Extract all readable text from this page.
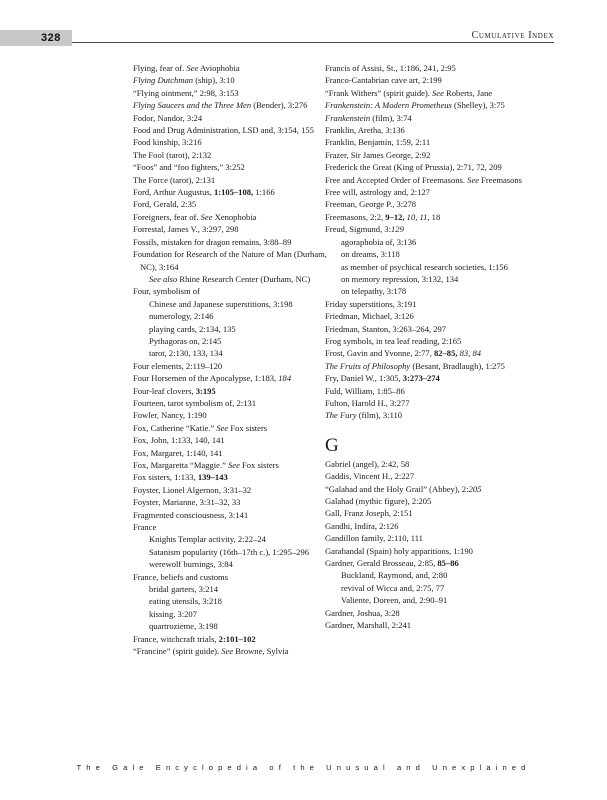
328	Cumulative Index

Flying, fear of. See Aviophobia

Flying Dutchman (ship), 3:10

“Flying ointment,” 2:98, 3:153

Flying Saucers and the Three Men (Bender), 3:276

Fodor, Nandor, 3:24

Food and Drug Administration, LSD and, 3:154, 155

Food kinship, 3:216

The Fool (tarot), 2:132

“Foos” and “foo fighters,” 3:252

The Force (tarot), 2:131

Ford, Arthur Augustus, 1:105–108, 1:166

Ford, Gerald, 2:35

Foreigners, fear of. See Xenophobia

Forrestal, James V., 3:297, 298

Fossils, mistaken for dragon remains, 3:88–89

Foundation for Research of the Nature of Man (Durham, NC), 3:164

See also Rhine Research Center (Durham, NC)

Four, symbolism of

Chinese and Japanese superstitions, 3:198

numerology, 2:146

playing cards, 2:134, 135

Pythagoras on, 2:145

tarot, 2:130, 133, 134

Four elements, 2:119–120

Four Horsemen of the Apocalypse, 1:183, 184

Four-leaf clovers, 3:195

Fourteen, tarot symbolism of, 2:131

Fowler, Nancy, 1:190

Fox, Catherine “Katie.” See Fox sisters

Fox, John, 1:133, 140, 141

Fox, Margaret, 1:140, 141

Fox, Margaretta “Maggie.” See Fox sisters

Fox sisters, 1:133, 139–143

Foyster, Lionel Algernon, 3:31–32

Foyster, Marianne, 3:31–32, 33

Fragmented consciousness, 3:141

France

Knights Templar activity, 2:22–24

Satanism popularity (16th–17th c.), 1:295–296

werewolf burnings, 3:84

France, beliefs and customs

bridal garters, 3:214

eating utensils, 3:218

kissing, 3:207

quartrozieme, 3:198

France, witchcraft trials, 2:101–102

“Francine” (spirit guide). See Browne, Sylvia

Francis of Assisi, St., 1:186, 241, 2:95

Franco-Cantabrian cave art, 2:199

“Frank Withers” (spirit guide). See Roberts, Jane

Frankenstein: A Modern Prometheus (Shelley), 3:75

Frankenstein (film), 3:74

Franklin, Aretha, 3:136

Franklin, Benjamin, 1:59, 2:11

Frazer, Sir James George, 2:92

Frederick the Great (King of Prussia), 2:71, 72, 209

Free and Accepted Order of Freemasons. See Freemasons

Free will, astrology and, 2:127

Freeman, George P., 3:278

Freemasons, 2:2, 9–12, 10, 11, 18

Freud, Sigmund, 3:129

agoraphobia of, 3:136

on dreams, 3:118

as member of psychical research societies, 1:156

on memory repression, 3:132, 134

on telepathy, 3:178

Friday superstitions, 3:191

Friedman, Michael, 3:126

Friedman, Stanton, 3:263–264, 297

Frog symbols, in tea leaf reading, 2:165

Frost, Gavin and Yvonne, 2:77, 82–85, 83, 84

The Fruits of Philosophy (Besant, Bradlaugh), 1:275

Fry, Daniel W., 1:305, 3:273–274

Fuld, William, 1:85–86

Fulton, Harold H., 3:277

The Fury (film), 3:110

G

Gabriel (angel), 2:42, 58

Gaddis, Vincent H., 2:227

“Galahad and the Holy Grail” (Abbey), 2:205

Galahad (mythic figure), 2:205

Gall, Franz Joseph, 2:151

Gandhi, Indira, 2:126

Gandillon family, 2:110, 111

Garabandal (Spain) holy apparitions, 1:190

Gardner, Gerald Brosseau, 2:85, 85–86

Buckland, Raymond, and, 2:80

revival of Wicca and, 2:75, 77

Valiente, Doreen, and, 2:90–91

Gardner, Joshua, 3:28

Gardner, Marshall, 2:241

The Gale Encyclopedia of the Unusual and Unexplained
